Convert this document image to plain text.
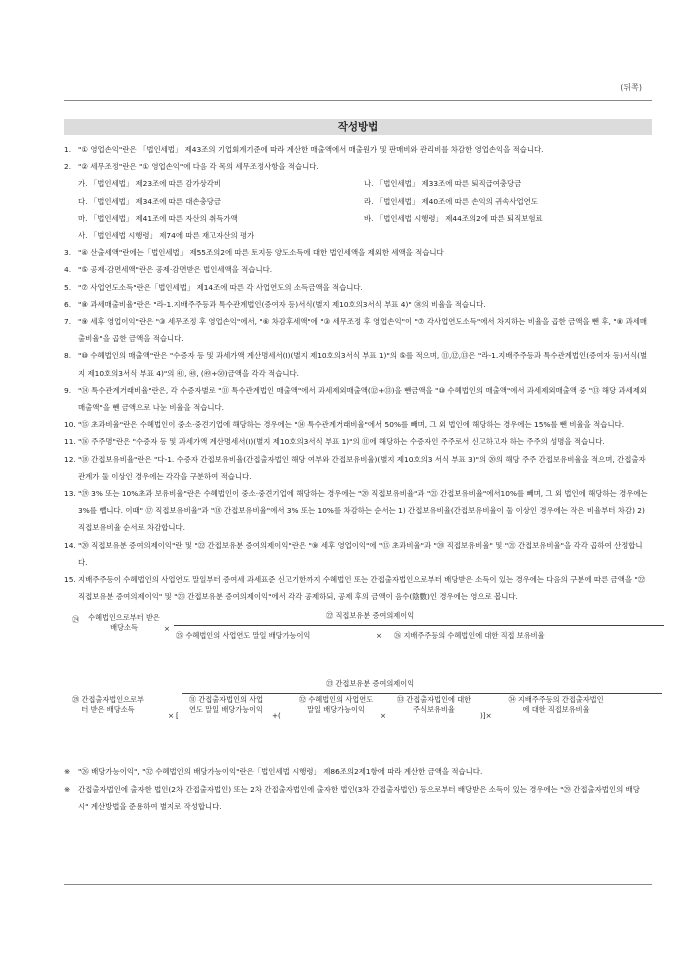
(뒤쪽)
작성방법
1. "① 영업손익"란은 「법인세법」 제43조의 기업회계기준에 따라 계산한 매출액에서 매출원가 및 판매비와 관리비를 차감한 영업손익을 적습니다.
2. "② 세무조정"란은 "① 영업손익"에 다음 각 목의 세무조정사항을 적습니다.
가. 「법인세법」 제23조에 따른 감가상각비	나. 「법인세법」 제33조에 따른 퇴직급여충당금
다. 「법인세법」 제34조에 따른 대손충당금	라. 「법인세법」 제40조에 따른 손익의 귀속사업연도
마. 「법인세법」 제41조에 따른 자산의 취득가액	바. 「법인세법 시행령」 제44조의2에 따른 퇴직보험료
사. 「법인세법 시행령」 제74에 따른 재고자산의 평가
3. "④ 산출세액"란에는「법인세법」 제55조의2에 따른 토지등 양도소득에 대한 법인세액을 제외한 세액을 적습니다
4. "⑤ 공제·감면세액"란은 공제·감면받은 법인세액을 적습니다.
5. "⑦ 사업연도소득"란은「법인세법」 제14조에 따른 각 사업연도의 소득금액을 적습니다.
6. "⑧ 과세매출비율"란은 "라-1.지배주주등과 특수관계법인(증여자 등)서식(별지 제10호의3서식 부표 4)" ㊳의 비율을 적습니다.
7. "⑨ 세후 영업이익"란은 "③ 세무조정 후 영업손익"에서, "⑥ 차감후세액"에 "③ 세무조정 후 영업손익"이 "⑦ 각사업연도소득"에서 차지하는 비율을 곱한 금액을 뺀 후, "⑧ 과세매출비율"을 곱한 금액을 적습니다.
8. "⑩ 수혜법인의 매출액"란은 "수증자 등 및 과세가액 계산명세서(Ⅰ)(별지 제10호의3서식 부표 1)"의 ⑤를 적으며, ⑪,⑫,⑬은 "라-1.지배주주등과 특수관계법인(증여자 등)서식(별지 제10호의3서식 부표 4)"의 ㊶, ㊽, (㊾+㊿)금액을 각각 적습니다.
9. "⑭ 특수관계거래비율"란은, 각 수증자별로 "⑪ 특수관계법인 매출액"에서 과세제외매출액(⑫+⑬)을 뺀금액을 "⑩ 수혜법인의 매출액"에서 과세제외매출액 중 "⑬ 해당 과세제외매출액"을 뺀 금액으로 나눈 비율을 적습니다.
10. "⑮ 초과비율"란은 수혜법인이 중소·중견기업에 해당하는 경우에는 "⑭ 특수관계거래비율"에서 50%를 빼며, 그 외 법인에 해당하는 경우에는 15%를 뺀 비율을 적습니다.
11. "⑯ 주주명"란은 "수증자 등 및 과세가액 계산명세서(Ⅰ)(별지 제10호의3서식 부표 1)"의 ⑪에 해당하는 수증자인 주주로서 신고하고자 하는 주주의 성명을 적습니다.
12. "⑱ 간접보유비율"란은 "다-1. 수증자 간접보유비율(간접출자법인 해당 여부와 간접보유비율)(별지 제10호의3 서식 부표 3)"의 ⑳의 해당 주주 간접보유비율을 적으며, 간접출자관계가 둘 이상인 경우에는 각각을 구분하여 적습니다.
13. "⑲ 3% 또는 10%초과 보유비율"란은 수혜법인이 중소·중견기업에 해당하는 경우에는 "⑳ 직접보유비율"과 "㉑ 간접보유비율"에서10%를 빼며, 그 외 법인에 해당하는 경우에는 3%를 뺍니다. 이때" ⑰ 직접보유비율"과 "⑱ 간접보유비율"에서 3% 또는 10%를 차감하는 순서는 1) 간접보유비율(간접보유비율이 둘 이상인 경우에는 작은 비율부터 차감) 2) 직접보유비율 순서로 차감합니다.
14. "⑳ 직접보유분 증여의제이익"란 및 "㉒ 간접보유분 증여의제이익"란은 "⑨ 세후 영업이익"에 "⑮ 초과비율"과 "⑳ 직접보유비율" 및 "㉑ 간접보유비율"을 각각 곱하여 산정합니다.
15. 지배주주등이 수혜법인의 사업연도 말일부터 증여세 과세표준 신고기한까지 수혜법인 또는 간접출자법인으로부터 배당받은 소득이 있는 경우에는 다음의 구분에 따른 금액을 "㉒ 직접보유분 증여의제이익" 및 "㉓ 간접보유분 증여의제이익"에서 각각 공제하되, 공제 후의 금액이 음수(陰數)인 경우에는 영으로 봅니다.
㉔ 수혜법인으로부터 받은 배당소득	×
㉒ 직접보유분 증여의제이익
㉕ 수혜법인의 사업연도 말일 배당가능이익	× ㉖ 지배주주등의 수혜법인에 대한 직접 보유비율
㉘ 간접출자법인으로부터 받은 배당소득
× [
㉓ 간접보유분 증여의제이익
㉛ 간접출자법인의 사업연도 말일 배당가능이익
+(
㉜ 수혜법인의 사업연도 말일 배당가능이익
×
㉝ 간접출자법인에 대한 주식보유비율
)]×
㉞ 지배주주등의 간접출자법인에 대한 직접보유비율
※ "㉖ 배당가능이익", "㉜ 수혜법인의 배당가능이익"란은「법인세법 시행령」 제86조의2제1항에 따라 계산한 금액을 적습니다.
※ 간접출자법인에 출자한 법인(2차 간접출자법인) 또는 2차 간접출자법인에 출자한 법인(3차 간접출자법인) 등으로부터 배당받은 소득이 있는 경우에는 "㉙ 간접출자법인의 배당시" 계산방법을 준용하여 별지로 작성합니다.
